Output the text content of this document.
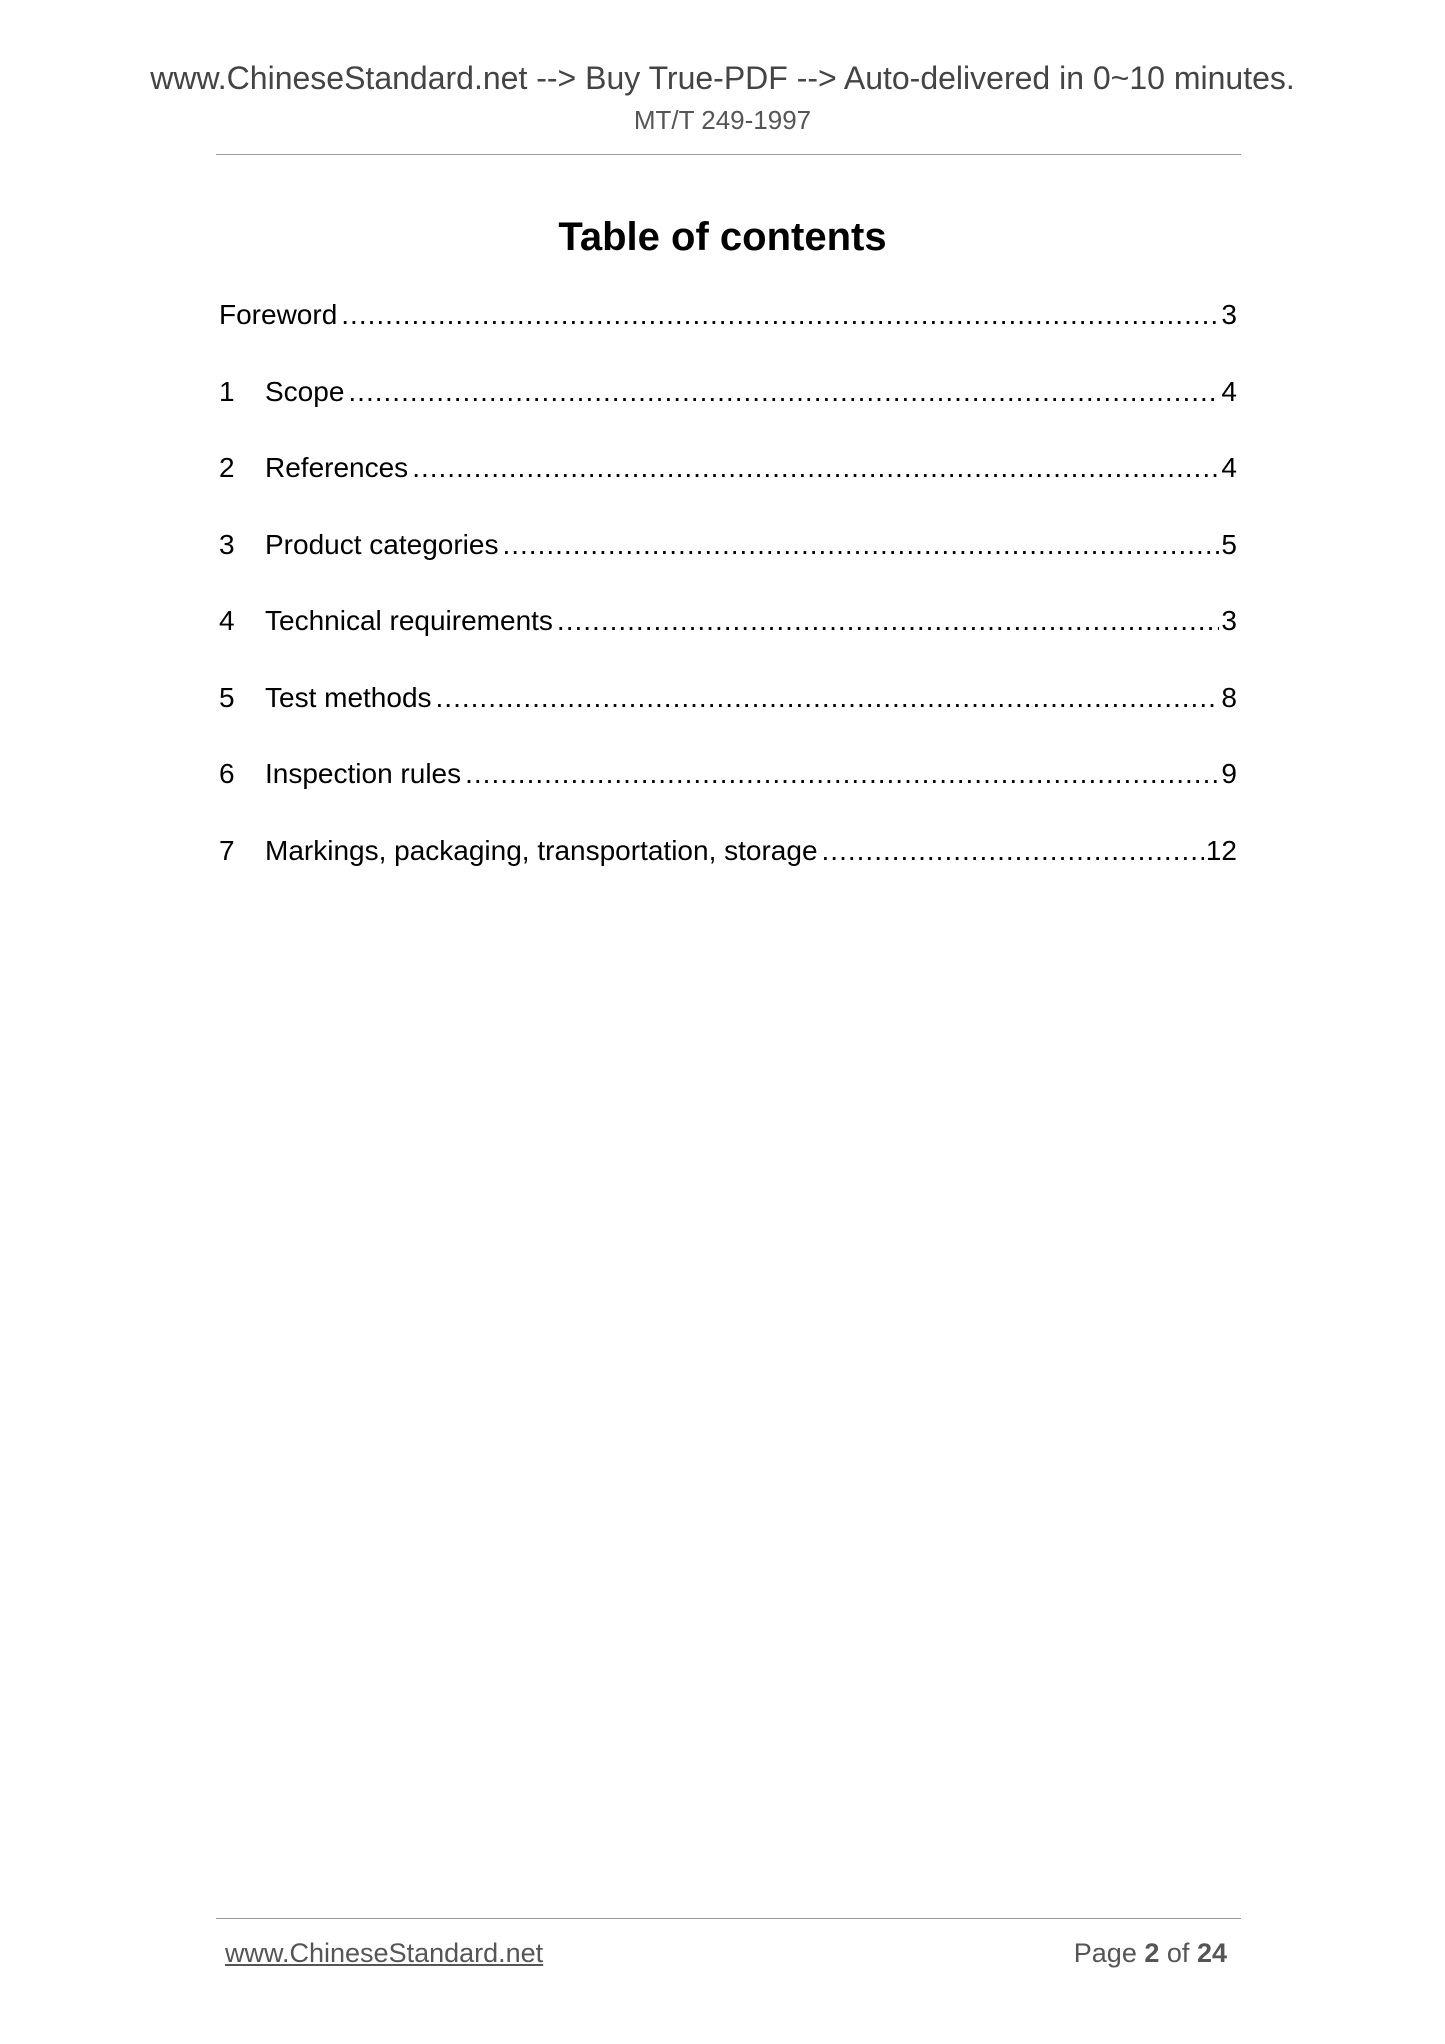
www.ChineseStandard.net --> Buy True-PDF --> Auto-delivered in 0~10 minutes.
MT/T 249-1997
Table of contents
Foreword .....	3
1	Scope .....	4
2	References .....	4
3	Product categories .....	5
4	Technical requirements .....	3
5	Test methods .....	8
6	Inspection rules .....	9
7	Markings, packaging, transportation, storage .....	12
www.ChineseStandard.net	Page 2 of 24
